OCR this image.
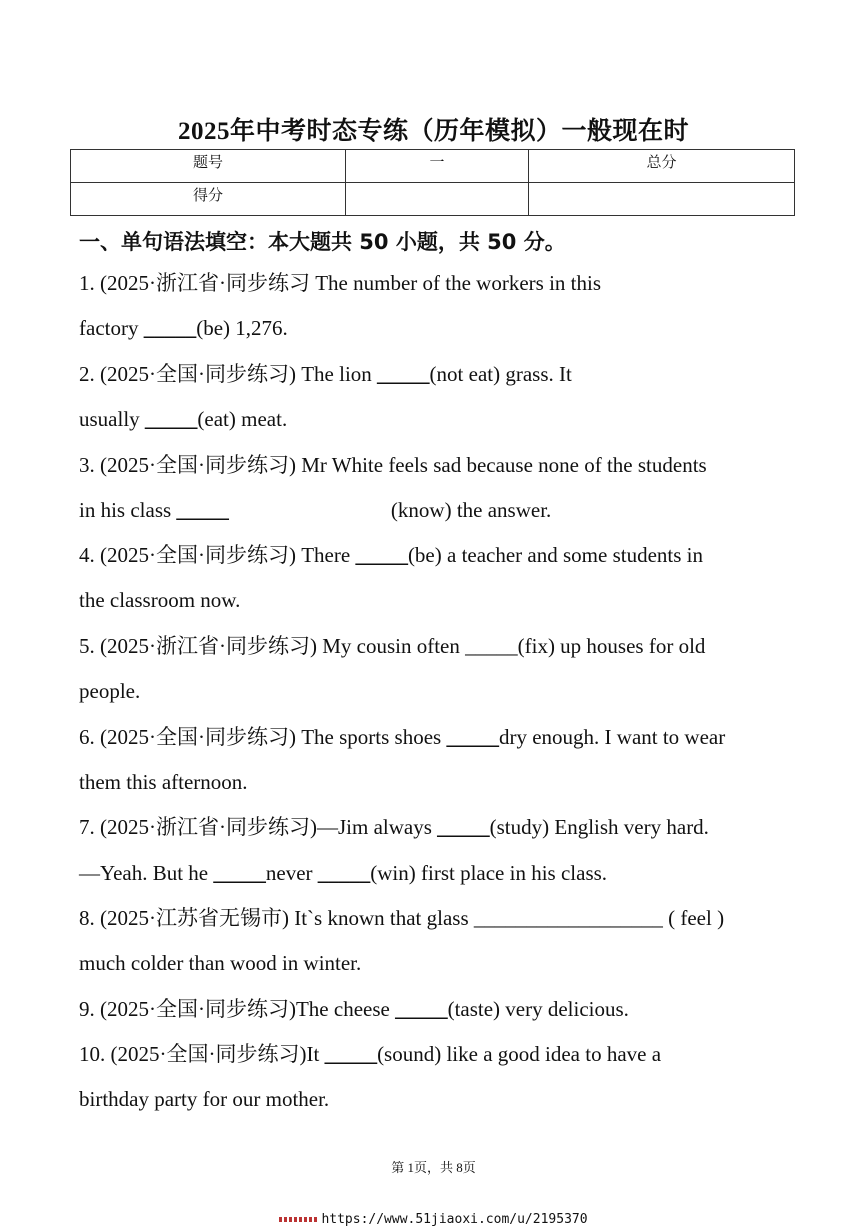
2025年中考时态专练（历年模拟）一般现在时
题号	一	总分
得分		
一、单句语法填空：本大题共 50 小题，共 50 分。
1. (2025·浙江省·同步练习 The number of the workers in this
factory _____(be) 1,276.
2. (2025·全国·同步练习) The lion _____(not eat) grass. It
usually _____(eat) meat.
3. (2025·全国·同步练习) Mr White feels sad because none of the students
in his class _____	(know) the answer.
4. (2025·全国·同步练习) There _____(be) a teacher and some students in
the classroom now.
5. (2025·浙江省·同步练习) My cousin often _____(fix) up houses for old
people.
6. (2025·全国·同步练习) The sports shoes _____dry enough. I want to wear
them this afternoon.
7. (2025·浙江省·同步练习)—Jim always _____(study) English very hard.
—Yeah. But he _____never _____(win) first place in his class.
8. (2025·江苏省无锡市) It`s known that glass __________________ ( feel )
much colder than wood in winter.
9. (2025·全国·同步练习)The cheese _____(taste) very delicious.
10. (2025·全国·同步练习)It _____(sound) like a good idea to have a
birthday party for our mother.
第 1页，共 8页
https://www.51jiaoxi.com/u/2195370
